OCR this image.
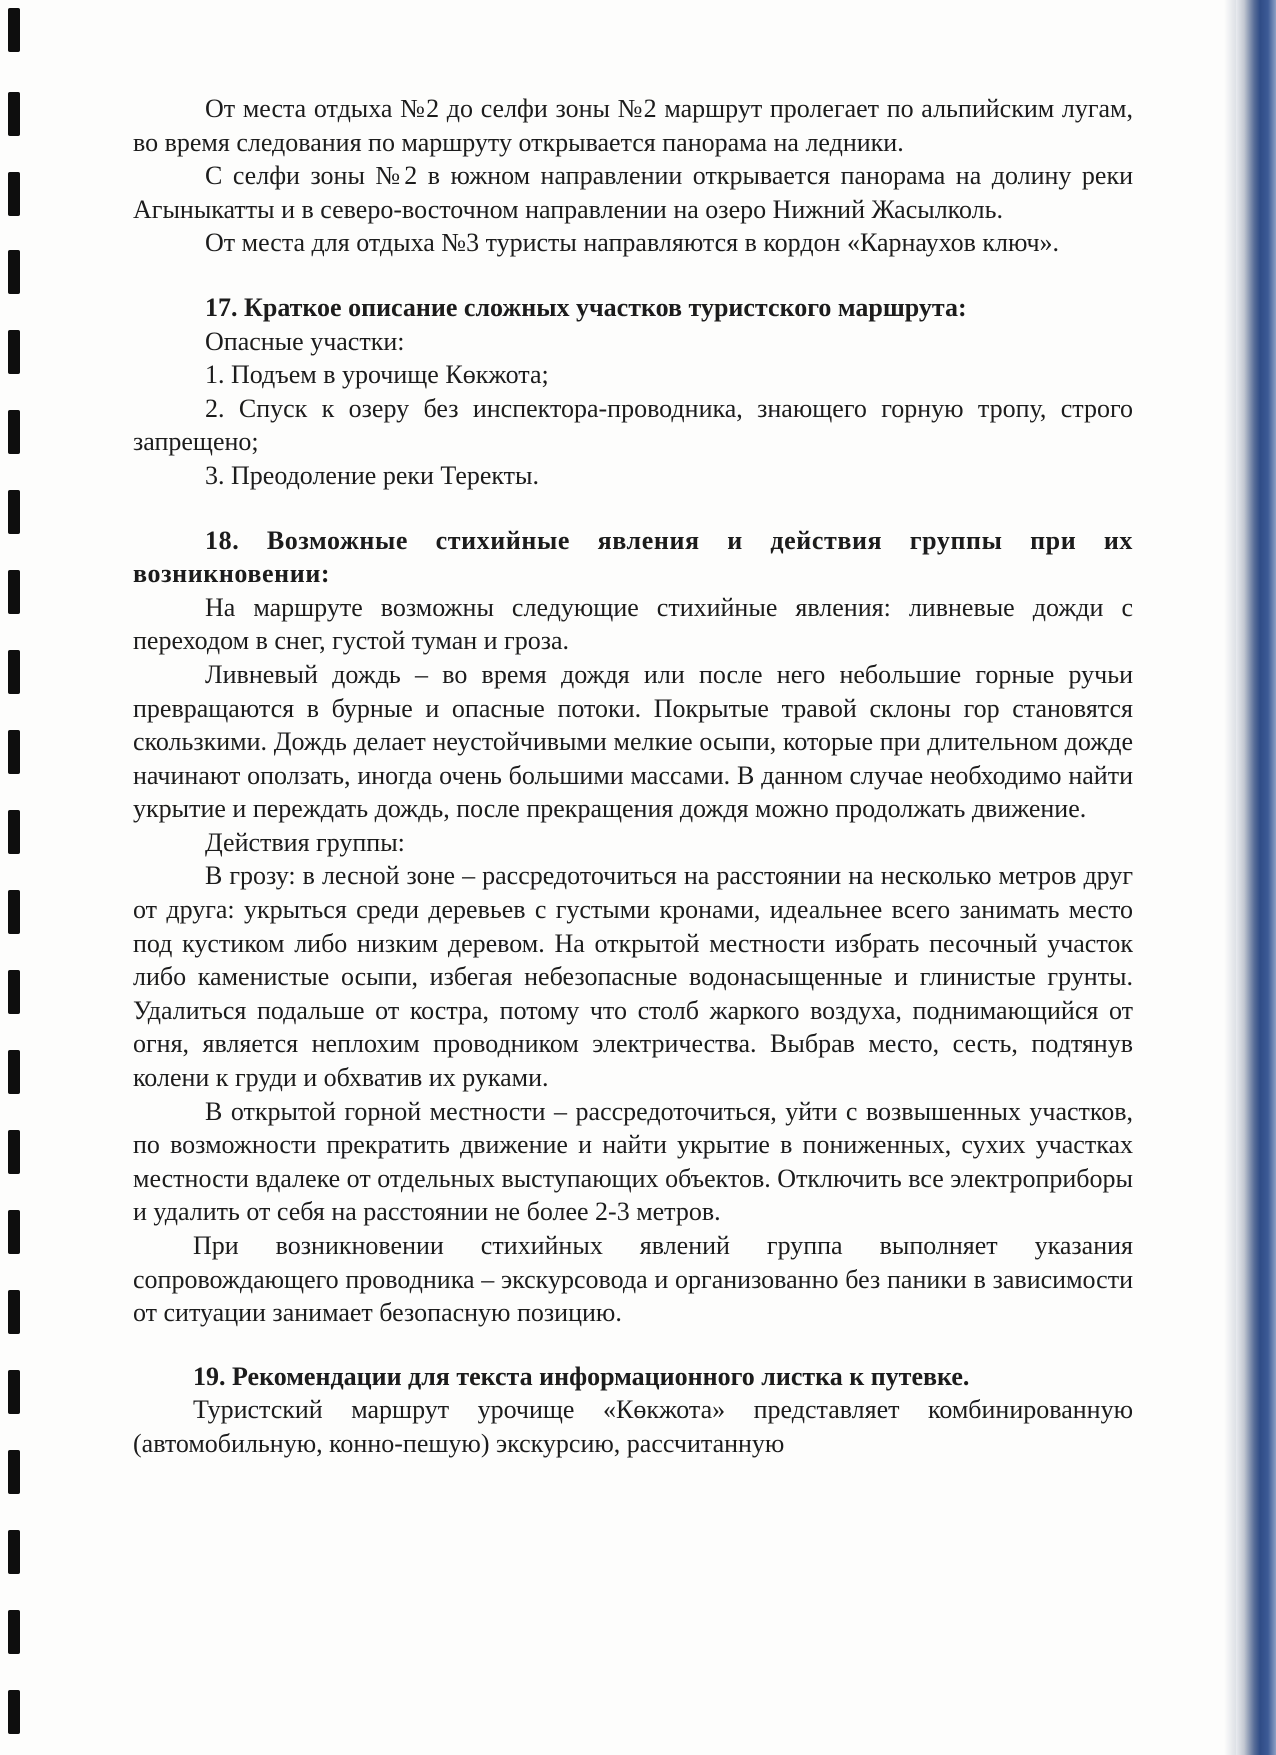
От места отдыха №2 до селфи зоны №2 маршрут пролегает по альпийским лугам, во время следования по маршруту открывается панорама на ледники.

С селфи зоны №2 в южном направлении открывается панорама на долину реки Агыныкатты и в северо-восточном направлении на озеро Нижний Жасылколь.

От места для отдыха №3 туристы направляются в кордон «Карнаухов ключ».

17. Краткое описание сложных участков туристского маршрута:

Опасные участки:

1. Подъем в урочище Көкжота;

2. Спуск к озеру без инспектора-проводника, знающего горную тропу, строго запрещено;

3. Преодоление реки Теректы.

18. Возможные стихийные явления и действия группы при их возникновении:

На маршруте возможны следующие стихийные явления: ливневые дожди с переходом в снег, густой туман и гроза.

Ливневый дождь – во время дождя или после него небольшие горные ручьи превращаются в бурные и опасные потоки. Покрытые травой склоны гор становятся скользкими. Дождь делает неустойчивыми мелкие осыпи, которые при длительном дожде начинают оползать, иногда очень большими массами. В данном случае необходимо найти укрытие и переждать дождь, после прекращения дождя можно продолжать движение.

Действия группы:

В грозу: в лесной зоне – рассредоточиться на расстоянии на несколько метров друг от друга: укрыться среди деревьев с густыми кронами, идеальнее всего занимать место под кустиком либо низким деревом. На открытой местности избрать песочный участок либо каменистые осыпи, избегая небезопасные водонасыщенные и глинистые грунты. Удалиться подальше от костра, потому что столб жаркого воздуха, поднимающийся от огня, является неплохим проводником электричества. Выбрав место, сесть, подтянув колени к груди и обхватив их руками.

В открытой горной местности – рассредоточиться, уйти с возвышенных участков, по возможности прекратить движение и найти укрытие в пониженных, сухих участках местности вдалеке от отдельных выступающих объектов. Отключить все электроприборы и удалить от себя на расстоянии не более 2-3 метров.

При возникновении стихийных явлений группа выполняет указания сопровождающего проводника – экскурсовода и организованно без паники в зависимости от ситуации занимает безопасную позицию.

19. Рекомендации для текста информационного листка к путевке.

Туристский маршрут урочище «Көкжота» представляет комбинированную (автомобильную, конно-пешую) экскурсию, рассчитанную
